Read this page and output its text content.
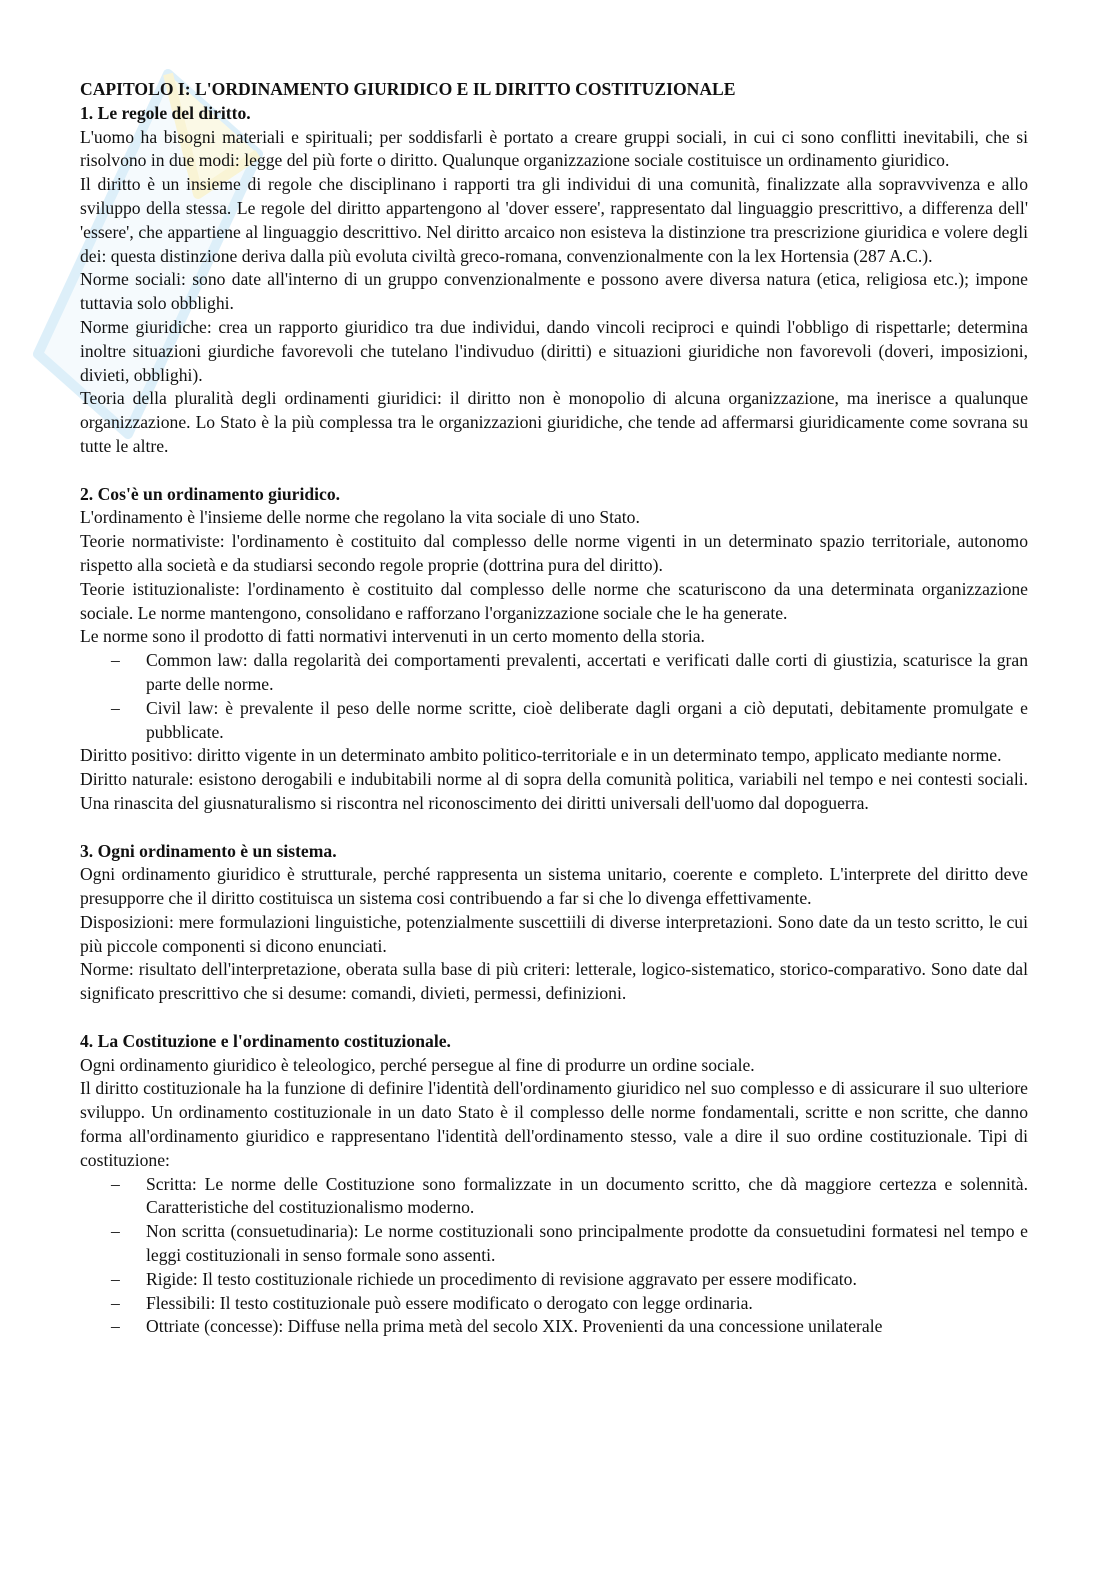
CAPITOLO I: L'ORDINAMENTO GIURIDICO E IL DIRITTO COSTITUZIONALE

1. Le regole del diritto.

L'uomo ha bisogni materiali e spirituali; per soddisfarli è portato a creare gruppi sociali, in cui ci sono conflitti inevitabili, che si risolvono in due modi: legge del più forte o diritto. Qualunque organizzazione sociale costituisce un ordinamento giuridico.

Il diritto è un insieme di regole che disciplinano i rapporti tra gli individui di una comunità, finalizzate alla sopravvivenza e allo sviluppo della stessa. Le regole del diritto appartengono al 'dover essere', rappresentato dal linguaggio prescrittivo, a differenza dell' 'essere', che appartiene al linguaggio descrittivo. Nel diritto arcaico non esisteva la distinzione tra prescrizione giuridica e volere degli dei: questa distinzione deriva dalla più evoluta civiltà greco-romana, convenzionalmente con la lex Hortensia (287 A.C.).

Norme sociali: sono date all'interno di un gruppo convenzionalmente e possono avere diversa natura (etica, religiosa etc.); impone tuttavia solo obblighi.

Norme giuridiche: crea un rapporto giuridico tra due individui, dando vincoli reciproci e quindi l'obbligo di rispettarle; determina inoltre situazioni giurdiche favorevoli che tutelano l'indivuduo (diritti) e situazioni giuridiche non favorevoli (doveri, imposizioni, divieti, obblighi).

Teoria della pluralità degli ordinamenti giuridici: il diritto non è monopolio di alcuna organizzazione, ma inerisce a qualunque organizzazione. Lo Stato è la più complessa tra le organizzazioni giuridiche, che tende ad affermarsi giuridicamente come sovrana su tutte le altre.

2. Cos'è un ordinamento giuridico.

L'ordinamento è l'insieme delle norme che regolano la vita sociale di uno Stato.

Teorie normativiste: l'ordinamento è costituito dal complesso delle norme vigenti in un determinato spazio territoriale, autonomo rispetto alla società e da studiarsi secondo regole proprie (dottrina pura del diritto).

Teorie istituzionaliste: l'ordinamento è costituito dal complesso delle norme che scaturiscono da una determinata organizzazione sociale. Le norme mantengono, consolidano e rafforzano l'organizzazione sociale che le ha generate.

Le norme sono il prodotto di fatti normativi intervenuti in un certo momento della storia.

– Common law: dalla regolarità dei comportamenti prevalenti, accertati e verificati dalle corti di giustizia, scaturisce la gran parte delle norme.
– Civil law: è prevalente il peso delle norme scritte, cioè deliberate dagli organi a ciò deputati, debitamente promulgate e pubblicate.

Diritto positivo: diritto vigente in un determinato ambito politico-territoriale e in un determinato tempo, applicato mediante norme.

Diritto naturale: esistono derogabili e indubitabili norme al di sopra della comunità politica, variabili nel tempo e nei contesti sociali. Una rinascita del giusnaturalismo si riscontra nel riconoscimento dei diritti universali dell'uomo dal dopoguerra.

3. Ogni ordinamento è un sistema.

Ogni ordinamento giuridico è strutturale, perché rappresenta un sistema unitario, coerente e completo. L'interprete del diritto deve presupporre che il diritto costituisca un sistema cosi contribuendo a far si che lo divenga effettivamente.

Disposizioni: mere formulazioni linguistiche, potenzialmente suscettiili di diverse interpretazioni. Sono date da un testo scritto, le cui più piccole componenti si dicono enunciati.

Norme: risultato dell'interpretazione, oberata sulla base di più criteri: letterale, logico-sistematico, storico-comparativo. Sono date dal significato prescrittivo che si desume: comandi, divieti, permessi, definizioni.

4. La Costituzione e l'ordinamento costituzionale.

Ogni ordinamento giuridico è teleologico, perché persegue al fine di produrre un ordine sociale.

Il diritto costituzionale ha la funzione di definire l'identità dell'ordinamento giuridico nel suo complesso e di assicurare il suo ulteriore sviluppo. Un ordinamento costituzionale in un dato Stato è il complesso delle norme fondamentali, scritte e non scritte, che danno forma all'ordinamento giuridico e rappresentano l'identità dell'ordinamento stesso, vale a dire il suo ordine costituzionale. Tipi di costituzione:

– Scritta: Le norme delle Costituzione sono formalizzate in un documento scritto, che dà maggiore certezza e solennità. Caratteristiche del costituzionalismo moderno.
– Non scritta (consuetudinaria): Le norme costituzionali sono principalmente prodotte da consuetudini formatesi nel tempo e leggi costituzionali in senso formale sono assenti.
– Rigide: Il testo costituzionale richiede un procedimento di revisione aggravato per essere modificato.
– Flessibili: Il testo costituzionale può essere modificato o derogato con legge ordinaria.
– Ottriate (concesse): Diffuse nella prima metà del secolo XIX. Provenienti da una concessione unilaterale
